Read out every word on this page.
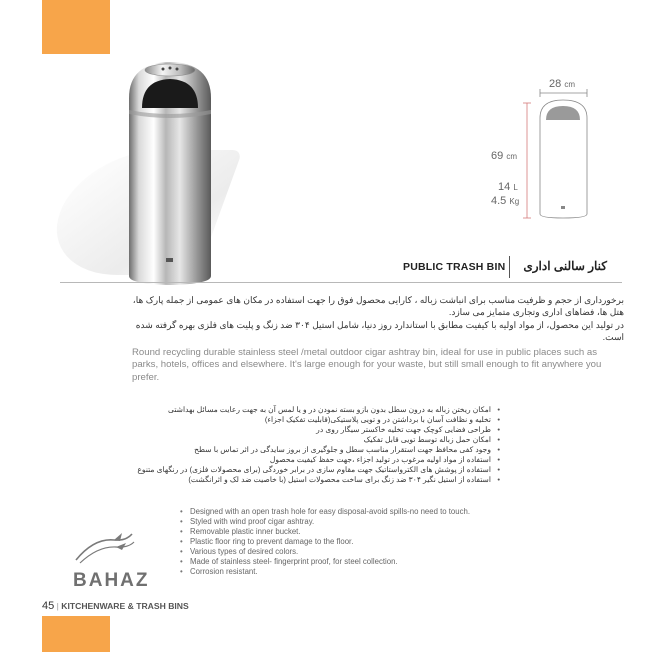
28 cm
69 cm
14 L
4.5 Kg
PUBLIC TRASH BIN کنار سالنی اداری

برخورداری از حجم و ظرفیت مناسب برای انباشت زباله ، کارایی محصول فوق را جهت استفاده در مکان های عمومی از جمله پارک ها، هتل ها، فضاهای اداری وتجاری متمایز می سازد.

در تولید این محصول، از مواد اولیه با کیفیت مطابق با استاندارد روز دنیا، شامل استیل ۳۰۴ ضد زنگ و پلیت های فلزی بهره گرفته شده است.

Round recycling durable stainless steel /metal outdoor cigar ashtray bin, ideal for use in public places such as parks, hotels, offices and elsewhere. It's large enough for your waste, but still small enough to fit anywhere you prefer.
• امکان ریختن زباله به درون سطل بدون بازو بسته نمودن در و یا لمس آن به جهت رعایت مسائل بهداشتی
• تخلیه و نظافت آسان با برداشتن در و تویی پلاستیکی(قابلیت تفکیک اجزاء)
• طراحی فضایی کوچک جهت تخلیه خاکستر سیگار روی در
• امکان حمل زباله توسط تویی قابل تفکیک
• وجود کفی محافظ جهت استقرار مناسب سطل و جلوگیری از بروز سایدگی در اثر تماس با سطح
• استفاده از مواد اولیه مرغوب در تولید اجزاء ،جهت حفظ کیفیت محصول
• استفاده از پوشش های الکترواستاتیک جهت مقاوم سازی در برابر خوردگی (برای محصولات فلزی) در رنگهای متنوع
• استفاده از استیل نگیر ۳۰۴ ضد زنگ برای ساخت محصولات استیل (با خاصیت ضد لک و اثرانگشت)
• Designed with an open trash hole for easy disposal-avoid spills-no need to touch.
• Styled with wind proof cigar ashtray.
• Removable plastic inner bucket.
• Plastic floor ring to prevent damage to the floor.
• Various types of desired colors.
• Made of stainless steel- fingerprint proof, for steel collection.
• Corrosion resistant.
BAHAZ
45 | KITCHENWARE & TRASH BINS
